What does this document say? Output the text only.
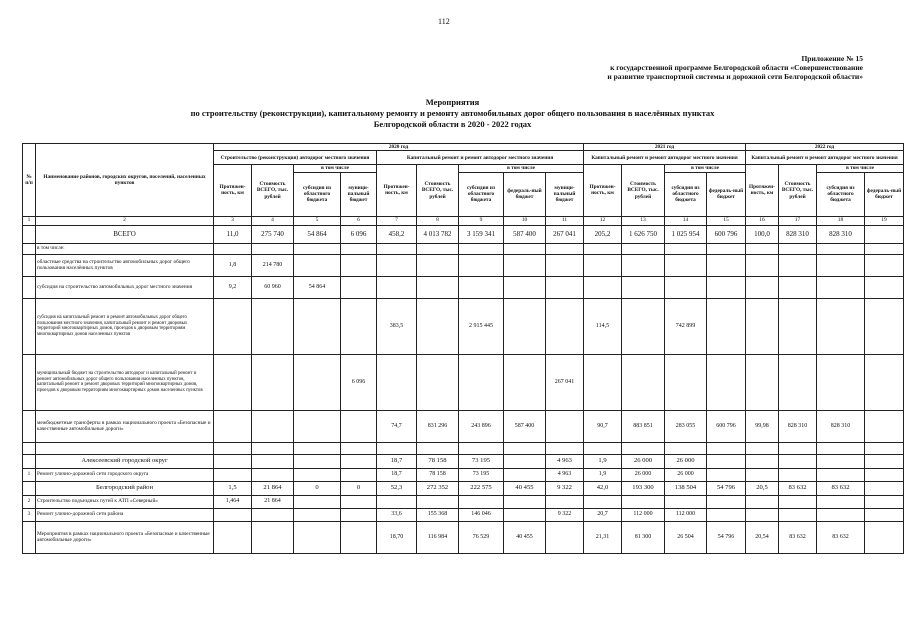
112
Приложение № 15
к государственной программе Белгородской области «Совершенствование
и развитие транспортной системы и дорожной сети Белгородской области»
Мероприятия
по строительству (реконструкции), капитальному ремонту и ремонту автомобильных дорог общего пользования в населённых пунктах
Белгородской области в 2020 - 2022 годах
№ п/п	Наименование районов, городских округов, поселений, населенных пунктов	2020 год									2021 год				2022 год			
		Строительство (реконструкция) автодорог местного значения				Капитальный ремонт и ремонт автодорог местного значения					Капитальный ремонт и ремонт автодорог местного значения				Капитальный ремонт и ремонт автодорог местного значения			
		Протяжен-ность, км	Стоимость ВСЕГО, тыс. рублей	в том числе		Протяжен-ность, км	Стоимость ВСЕГО, тыс. рублей	в том числе			Протяжен-ность, км	Стоимость ВСЕГО, тыс. рублей	в том числе		Протяжен-ность, км	Стоимость ВСЕГО, тыс. рублей	в том числе	
				субсидия из областного бюджета	муници-пальный бюджет			субсидия из областного бюджета	федераль-ный бюджет	муници-пальный бюджет			субсидия из областного бюджета	федераль-ный бюджет			субсидия из областного бюджета	федераль-ный бюджет
1	2	3	4	5	6	7	8	9	10	11	12	13	14	15	16	17	18	19
	ВСЕГО	11,0	275 740	54 864	6 096	458,2	4 013 782	3 159 341	587 400	267 041	205,2	1 626 750	1 025 954	600 796	100,0	828 310	828 310	
	в том числе:																	
	областные средства на строительство автомобильных дорог общего пользования населённых пунктов	1,8	214 780															
	субсидия на строительство автомобильных дорог местного значения	9,2	60 960	54 864														
	субсидия на капитальный ремонт и ремонт автомобильных дорог общего пользования местного значения, капитальный ремонт и ремонт дворовых территорий многоквартирных домов, проездов к дворовым территориям многоквартирных домов населенных пунктов					383,5		2 915 445			114,5		742 899					
	муниципальный бюджет на строительство автодорог и капитальный ремонт и ремонт автомобильных дорог общего пользования населенных пунктов, капитальный ремонт и ремонт дворовых территорий многоквартирных домов, проездов к дворовым территориям многоквартирных домов населенных пунктов				6 096					267 041								
	межбюджетные трансферты в рамках национального проекта «Безопасные и качественные автомобильные дороги»					74,7	831 296	243 896	587 400		90,7	883 851	283 055	600 796	99,98	828 310	828 310	

	Алексеевский городской округ					18,7	78 158	73 195		4 963	1,9	26 000	26 000					
1	Ремонт улично-дорожной сети городского округа					18,7	78 158	73 195		4 963	1,9	26 000	26 000					
	Белгородский район	1,5	21 864	0	0	52,3	272 352	222 575	40 455	9 322	42,0	193 300	138 504	54 796	20,5	83 632	83 632	
2	Строительство подъездных путей к АТП «Северный»	1,464	21 864															
3	Ремонт улично-дорожной сети района					33,6	155 368	146 046		9 322	20,7	112 000	112 000					
	Мероприятия в рамках национального проекта «Безопасные и качественные автомобильные дороги»					18,70	116 984	76 529	40 455		21,31	81 300	26 504	54 796	20,54	83 632	83 632	
